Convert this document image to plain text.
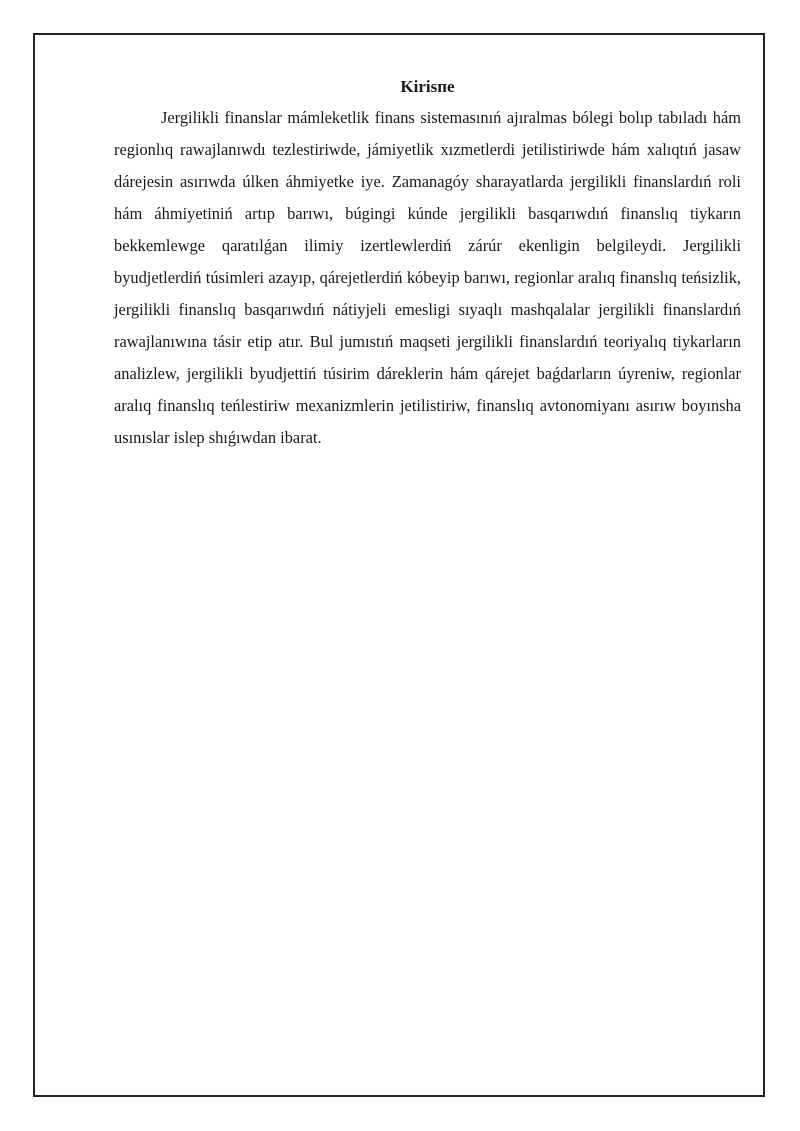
Kirisпe

Jergilikli finanslar mámleketlik finans sistemasınıń ajıralmas bólegi bolıp tabıladı hám regionlıq rawajlanıwdı tezlestiriwde, jámiyetlik xızmetlerdi jetilistiriwde hám xalıqtıń jasaw dárejesin asırıwda úlken áhmiyetke iye. Zamanagóy sharayatlarda jergilikli finanslardıń roli hám áhmiyetiniń artıp barıwı, búgingi kúnde jergilikli basqarıwdıń finanslıq tiykarın bekkemlewge qaratılǵan ilimiy izertlewlerdiń zárúr ekenligin belgileydi. Jergilikli byudjetlerdiń túsimleri azayıp, qárejetlerdiń kóbeyip barıwı, regionlar aralıq finanslıq teńsizlik, jergilikli finanslıq basqarıwdıń nátiyjeli emesligi sıyaqlı mashqalalar jergilikli finanslardıń rawajlanıwına tásir etip atır. Bul jumıstıń maqseti jergilikli finanslardıń teoriyalıq tiykarların analizlew, jergilikli byudjettiń túsirim dáreklerin hám qárejet baǵdarların úyreniw, regionlar aralıq finanslıq teńlestiriw mexanizmlerin jetilistiriw, finanslıq avtonomiyanı asırıw boyınsha usınıslar islep shıǵıwdan ibarat.
